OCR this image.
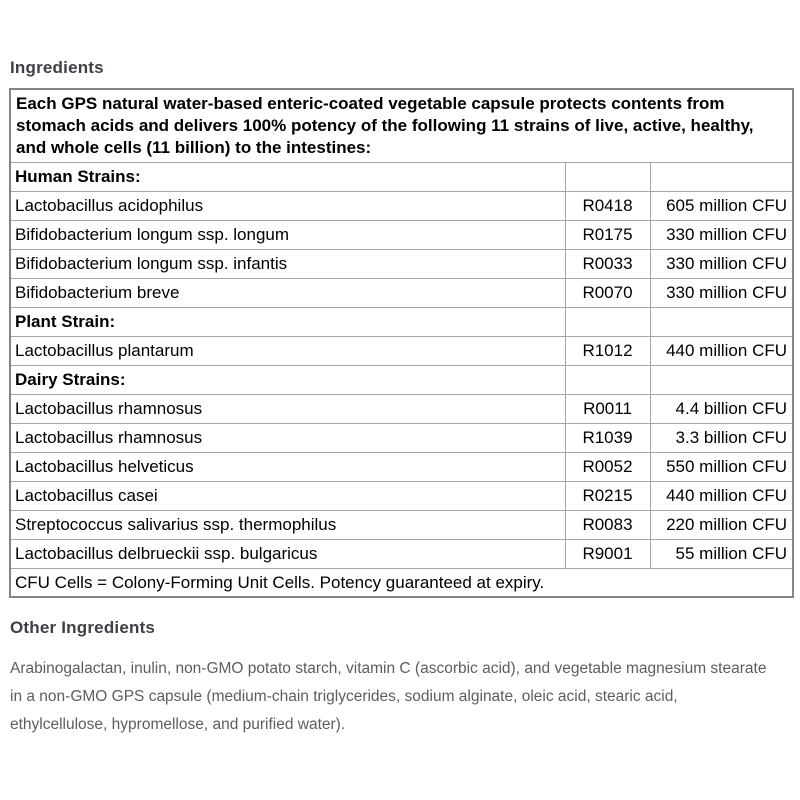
Ingredients
Each GPS natural water-based enteric-coated vegetable capsule protects contents from stomach acids and delivers 100% potency of the following 11 strains of live, active, healthy, and whole cells (11 billion) to the intestines:		
Human Strains:		
Lactobacillus acidophilus	R0418	605 million CFU
Bifidobacterium longum ssp. longum	R0175	330 million CFU
Bifidobacterium longum ssp. infantis	R0033	330 million CFU
Bifidobacterium breve	R0070	330 million CFU
Plant Strain:		
Lactobacillus plantarum	R1012	440 million CFU
Dairy Strains:		
Lactobacillus rhamnosus	R0011	4.4 billion CFU
Lactobacillus rhamnosus	R1039	3.3 billion CFU
Lactobacillus helveticus	R0052	550 million CFU
Lactobacillus casei	R0215	440 million CFU
Streptococcus salivarius ssp. thermophilus	R0083	220 million CFU
Lactobacillus delbrueckii ssp. bulgaricus	R9001	55 million CFU
CFU Cells = Colony-Forming Unit Cells. Potency guaranteed at expiry.		
Other Ingredients

Arabinogalactan, inulin, non-GMO potato starch, vitamin C (ascorbic acid), and vegetable magnesium stearate in a non-GMO GPS capsule (medium-chain triglycerides, sodium alginate, oleic acid, stearic acid, ethylcellulose, hypromellose, and purified water).
